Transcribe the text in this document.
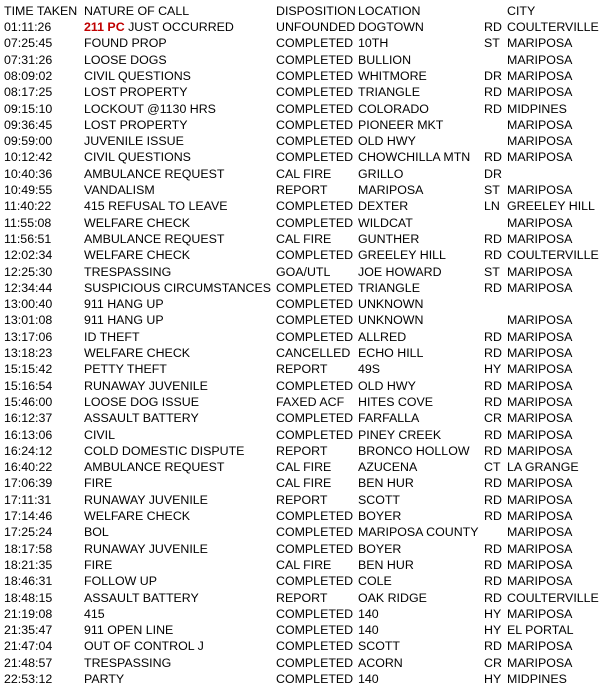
TIME TAKEN NATURE OF CALL	DISPOSITION LOCATION	CITY
01:11:26	211 PC JUST OCCURRED	UNFOUNDED DOGTOWN	RD COULTERVILLE
07:25:45	FOUND PROP	COMPLETED 10TH	ST MARIPOSA
07:31:26	LOOSE DOGS	COMPLETED BULLION	MARIPOSA
08:09:02	CIVIL QUESTIONS	COMPLETED WHITMORE	DR MARIPOSA
08:17:25	LOST PROPERTY	COMPLETED TRIANGLE	RD MARIPOSA
09:15:10	LOCKOUT @1130 HRS	COMPLETED COLORADO	RD MIDPINES
09:36:45	LOST PROPERTY	COMPLETED PIONEER MKT	MARIPOSA
09:59:00	JUVENILE ISSUE	COMPLETED OLD HWY	MARIPOSA
10:12:42	CIVIL QUESTIONS	COMPLETED CHOWCHILLA MTN RD MARIPOSA
10:40:36	AMBULANCE REQUEST	CAL FIRE GRILLO	DR
10:49:55	VANDALISM	REPORT MARIPOSA	ST MARIPOSA
11:40:22	415 REFUSAL TO LEAVE	COMPLETED DEXTER	LN GREELEY HILL
11:55:08	WELFARE CHECK	COMPLETED WILDCAT	MARIPOSA
11:56:51	AMBULANCE REQUEST	CAL FIRE GUNTHER	RD MARIPOSA
12:02:34	WELFARE CHECK	COMPLETED GREELEY HILL	RD COULTERVILLE
12:25:30	TRESPASSING	GOA/UTL JOE HOWARD	ST MARIPOSA
12:34:44	SUSPICIOUS CIRCUMSTANCES COMPLETED TRIANGLE	RD MARIPOSA
13:00:40	911 HANG UP	COMPLETED UNKNOWN
13:01:08	911 HANG UP	COMPLETED UNKNOWN	MARIPOSA
13:17:06	ID THEFT	COMPLETED ALLRED	RD MARIPOSA
13:18:23	WELFARE CHECK	CANCELLED ECHO HILL	RD MARIPOSA
15:15:42	PETTY THEFT	REPORT 49S	HY MARIPOSA
15:16:54	RUNAWAY JUVENILE	COMPLETED OLD HWY	RD MARIPOSA
15:46:00	LOOSE DOG ISSUE	FAXED ACF HITES COVE	RD MARIPOSA
16:12:37	ASSAULT BATTERY	COMPLETED FARFALLA	CR MARIPOSA
16:13:06	CIVIL	COMPLETED PINEY CREEK	RD MARIPOSA
16:24:12	COLD DOMESTIC DISPUTE	REPORT BRONCO HOLLOW RD MARIPOSA
16:40:22	AMBULANCE REQUEST	CAL FIRE AZUCENA	CT LA GRANGE
17:06:39	FIRE	CAL FIRE BEN HUR	RD MARIPOSA
17:11:31	RUNAWAY JUVENILE	REPORT SCOTT	RD MARIPOSA
17:14:46	WELFARE CHECK	COMPLETED BOYER	RD MARIPOSA
17:25:24	BOL	COMPLETED MARIPOSA COUNTY MARIPOSA
18:17:58	RUNAWAY JUVENILE	COMPLETED BOYER	RD MARIPOSA
18:21:35	FIRE	CAL FIRE BEN HUR	RD MARIPOSA
18:46:31	FOLLOW UP	COMPLETED COLE	RD MARIPOSA
18:48:15	ASSAULT BATTERY	REPORT OAK RIDGE	RD COULTERVILLE
21:19:08	415	COMPLETED 140	HY MARIPOSA
21:35:47	911 OPEN LINE	COMPLETED 140	HY EL PORTAL
21:47:04	OUT OF CONTROL J	COMPLETED SCOTT	RD MARIPOSA
21:48:57	TRESPASSING	COMPLETED ACORN	CR MARIPOSA
22:53:12	PARTY	COMPLETED 140	HY MIDPINES
